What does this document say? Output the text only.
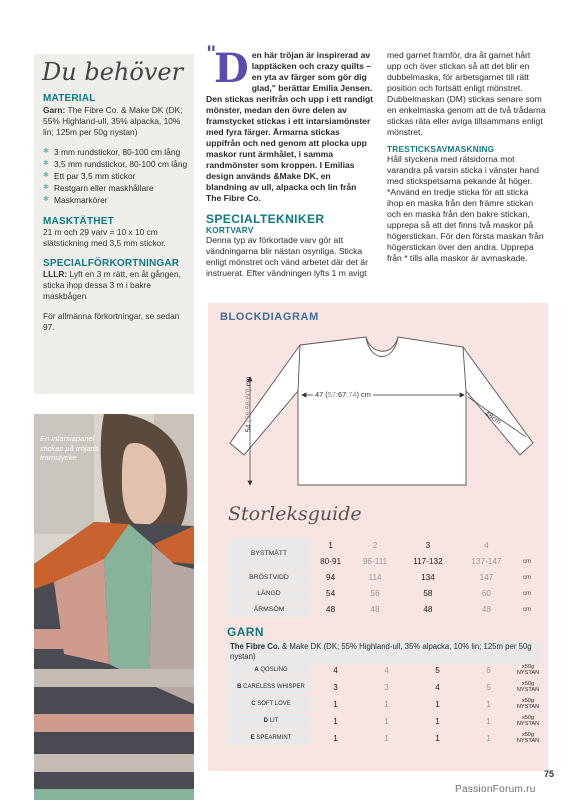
Du behöver
MATERIAL
Garn: The Fibre Co. & Make DK (DK; 55% Highland-ull, 35% alpacka, 10% lin; 125m per 50g nystan)
✱ 3 mm rundstickor, 80-100 cm lång
✱ 3,5 mm rundstickor, 80-100 cm lång
✱ Ett par 3,5 mm stickor
✱ Restgarn eller maskhållare
✱ Maskmarkörer
MASKTÄTHET
21 m och 29 varv = 10 x 10 cm slätstickning med 3,5 mm stickor.
SPECIALFÖRKORTNINGAR
LLLR: Lyft en 3 m rätt, en åt gången, sticka ihop dessa 3 m i bakre maskbågen
För allmänna förkortningar, se sedan 97.
En intarsiapanel stickas på tröjans framstycke
"
D en här tröjan är inspirerad av lapptäcken och crazy quilts – en yta av färger som gör dig glad," berättar Emilia Jensen. Den stickas nerifrån och upp i ett randigt mönster, medan den övre delen av framstycket stickas i ett intarsiamönster med fyra färger. Ärmarna stickas uppifrån och ned genom att plocka upp maskor runt ärmhålet, i samma randmönster som kroppen. I Emilias design används &Make DK, en blandning av ull, alpacka och lin från The Fibre Co.
SPECIALTEKNIKER
KORTVARV
Denna typ av förkortade varv gör att vändningarna blir nästan osynliga. Sticka enligt mönstret och vänd arbetet där det är instruerat. Efter vändningen lyfts 1 m avigt
med garnet framför, dra åt garnet hårt upp och över stickan så att det blir en dubbelmaska, för arbetsgarnet till rätt position och fortsätt enligt mönstret. Dubbelmaskan (DM) stickas senare som en enkelmaska genom att de två trådarna stickas räta eller aviga tillsammans enligt mönstret.
TRESTICKSAVMASKNING
Håll styckena med rätsidorna mot varandra på varsin sticka i vänster hand med stickspetsarna pekande åt höger. *Använd en tredje sticka för att sticka ihop en maska från den främre stickan och en maska från den bakre stickan, upprepa så att det finns två maskor på högerstickan. För den första maskan från högerstickan över den andra. Upprepa från * tills alla maskor är avmaskade.
BLOCKDIAGRAM
47 (57:67:74) cm
54 (56:58:60) cm
48cm
Storleksguide
BYSTMÅTT	1	2	3	4	
	80-91	96-111	117-132	137-147	cm
BRÖSTVIDD	94	114	134	147	cm
LÄNGD	54	56	58	60	cm
ÄRMSÖM	48	48	48	48	cm
GARN
The Fibre Co. & Make DK (DK; 55% Highland-ull, 35% alpacka, 10% lin; 125m per 50g nystan)
A QOSLING	4	4	5	6	x50g NYSTAN
B CARELESS WHISPER	3	3	4	5	x50g NYSTAN
C SOFT LOVE	1	1	1	1	x50g NYSTAN
D LIT	1	1	1	1	x50g NYSTAN
E SPEARMINT	1	1	1	1	x50g NYSTAN
75
PassionForum.ru
